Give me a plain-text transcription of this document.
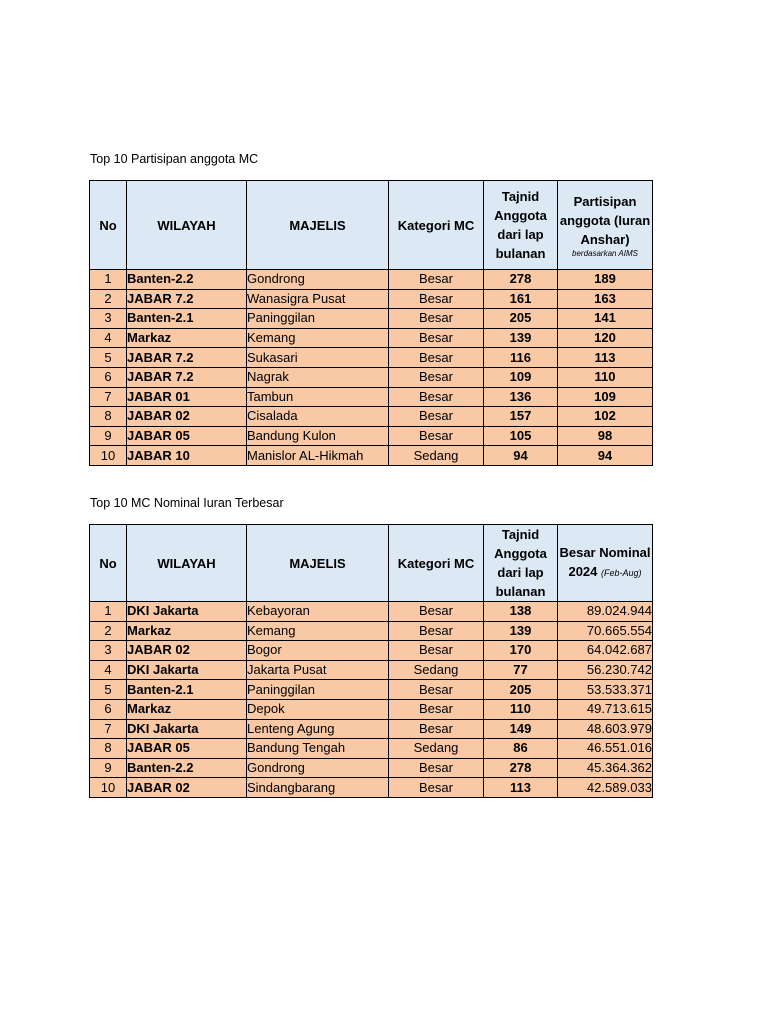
Top 10 Partisipan anggota MC
No	WILAYAH	MAJELIS	Kategori MC	Tajnid Anggota dari lap bulanan	Partisipan anggota (Iuran Anshar)
berdasarkan AIMS

1	Banten-2.2	Gondrong	Besar	278	189
2	JABAR 7.2	Wanasigra Pusat	Besar	161	163
3	Banten-2.1	Paninggilan	Besar	205	141
4	Markaz	Kemang	Besar	139	120
5	JABAR 7.2	Sukasari	Besar	116	113
6	JABAR 7.2	Nagrak	Besar	109	110
7	JABAR 01	Tambun	Besar	136	109
8	JABAR 02	Cisalada	Besar	157	102
9	JABAR 05	Bandung Kulon	Besar	105	98
10	JABAR 10	Manislor AL-Hikmah	Sedang	94	94
Top 10 MC Nominal Iuran Terbesar
No	WILAYAH	MAJELIS	Kategori MC	Tajnid Anggota dari lap bulanan	Besar Nominal 2024 (Feb-Aug)
1	DKI Jakarta	Kebayoran	Besar	138	89.024.944
2	Markaz	Kemang	Besar	139	70.665.554
3	JABAR 02	Bogor	Besar	170	64.042.687
4	DKI Jakarta	Jakarta Pusat	Sedang	77	56.230.742
5	Banten-2.1	Paninggilan	Besar	205	53.533.371
6	Markaz	Depok	Besar	110	49.713.615
7	DKI Jakarta	Lenteng Agung	Besar	149	48.603.979
8	JABAR 05	Bandung Tengah	Sedang	86	46.551.016
9	Banten-2.2	Gondrong	Besar	278	45.364.362
10	JABAR 02	Sindangbarang	Besar	113	42.589.033
